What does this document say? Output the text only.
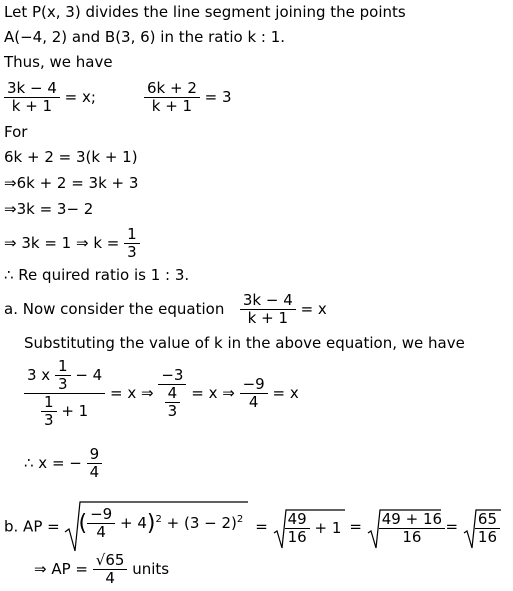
Let P(x, 3) divides the line segment joining the points
A(−4, 2) and B(3, 6) in the ratio k : 1.
Thus, we have
$\frac{3k - 4}{k + 1} = x$;	$\frac{6k + 2}{k + 1} = 3$
For
6k + 2 = 3(k + 1)
⇒6k + 2 = 3k + 3
⇒3k = 3− 2
⇒ 3k = 1 ⇒ $k = \frac{1}{3}$
∴ Re quired ratio is 1 : 3.
a. Now consider the equation $\frac{3k - 4}{k + 1} = x$
Substituting the value of k in the above equation, we have
$\frac{3 x \frac{1}{3} - 4}{\frac{1}{3} + 1} = x$ ⇒ $\frac{-3}{\frac{4}{3}} = x$ ⇒ $\frac{-9}{4} = x$
∴ x = − $\frac{9}{4}$
b. AP = ( $\frac{-9}{4} + 4)^2 + (3 - 2)^2 = \frac{49}{16} + 1 = \frac{49 + 16}{16} = \frac{65}{16}$
⇒ AP = $\frac{√65}{4}$ units
